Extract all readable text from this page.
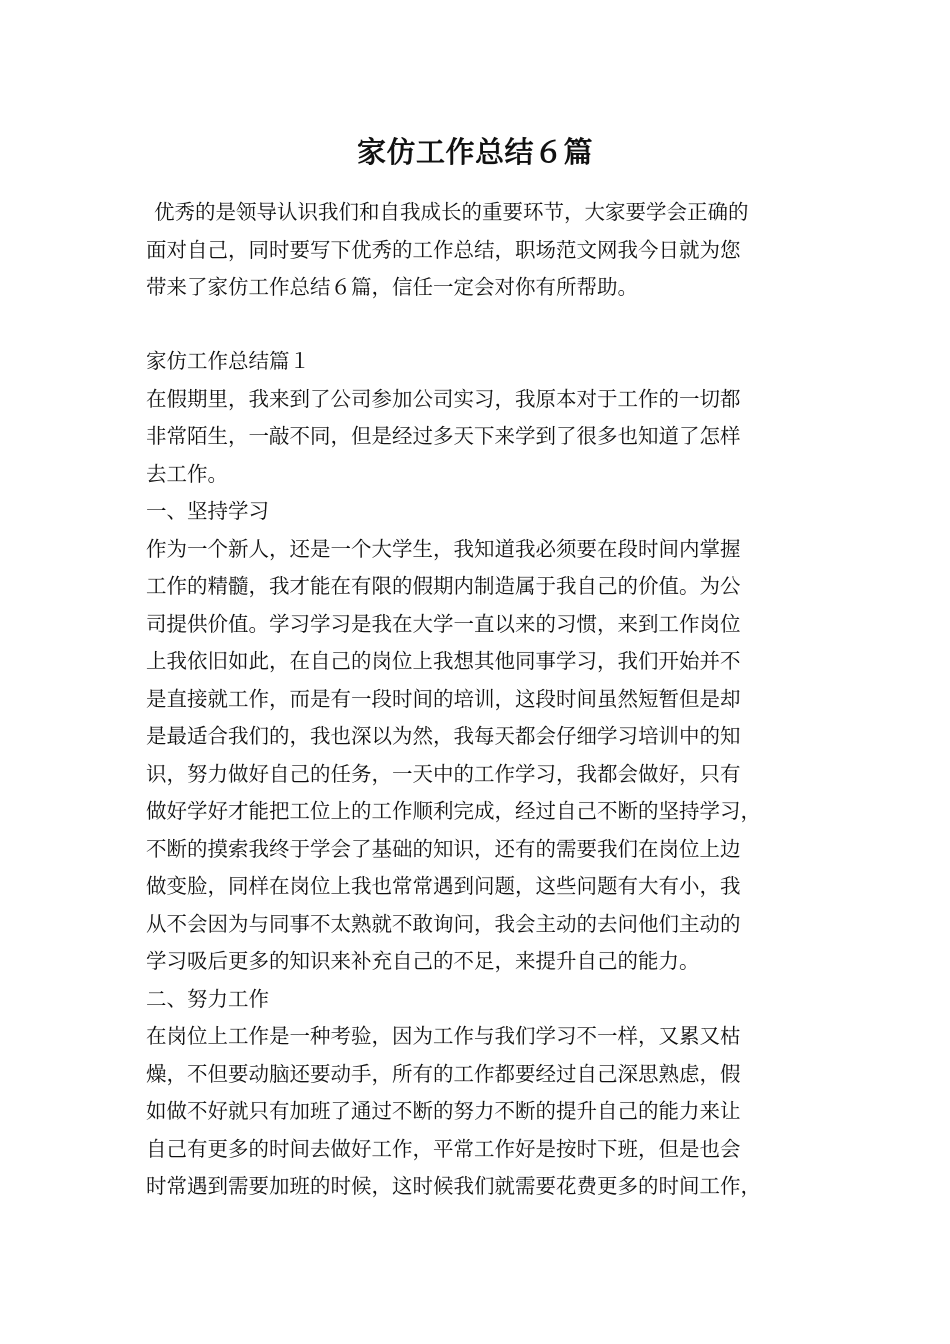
家仿工作总结６篇
优秀的是领导认识我们和自我成长的重要环节，大家要学会正确的
面对自己，同时要写下优秀的工作总结，职场范文网我今日就为您
带来了家仿工作总结６篇，信任一定会对你有所帮助。
家仿工作总结篇１
在假期里，我来到了公司参加公司实习，我原本对于工作的一切都
非常陌生，一敲不同，但是经过多天下来学到了很多也知道了怎样
去工作。
一、坚持学习
作为一个新人，还是一个大学生，我知道我必须要在段时间内掌握
工作的精髓，我才能在有限的假期内制造属于我自己的价值。为公
司提供价值。学习学习是我在大学一直以来的习惯，来到工作岗位
上我依旧如此，在自己的岗位上我想其他同事学习，我们开始并不
是直接就工作，而是有一段时间的培训，这段时间虽然短暂但是却
是最适合我们的，我也深以为然，我每天都会仔细学习培训中的知
识，努力做好自己的任务，一天中的工作学习，我都会做好，只有
做好学好才能把工位上的工作顺利完成，经过自己不断的坚持学习，
不断的摸索我终于学会了基础的知识，还有的需要我们在岗位上边
做变脸，同样在岗位上我也常常遇到问题，这些问题有大有小，我
从不会因为与同事不太熟就不敢询问，我会主动的去问他们主动的
学习吸后更多的知识来补充自己的不足，来提升自己的能力。
二、努力工作
在岗位上工作是一种考验，因为工作与我们学习不一样，又累又枯
燥，不但要动脑还要动手，所有的工作都要经过自己深思熟虑，假
如做不好就只有加班了通过不断的努力不断的提升自己的能力来让
自己有更多的时间去做好工作，平常工作好是按时下班，但是也会
时常遇到需要加班的时候，这时候我们就需要花费更多的时间工作，
